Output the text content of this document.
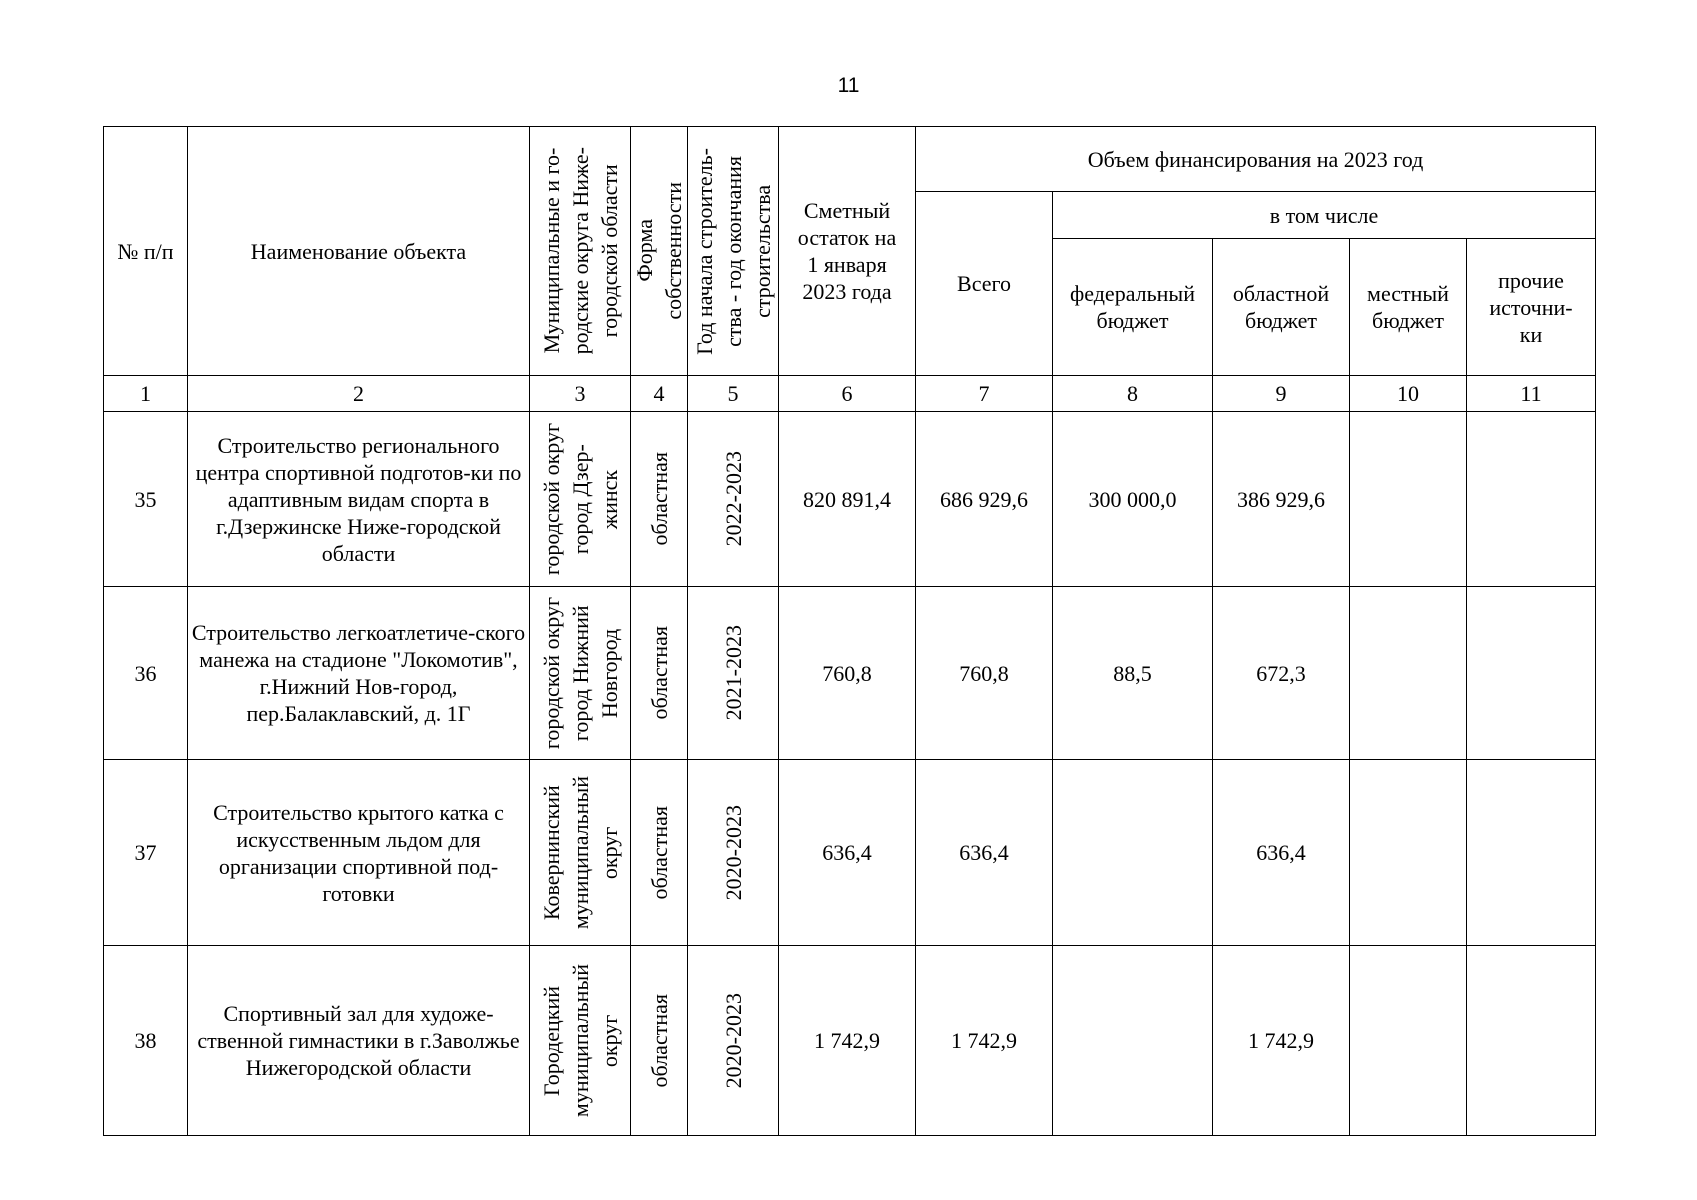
11
№ п/п	Наименование объекта	Муниципальные и го-
родские округа Ниже-
городской области	Форма
собственности	Год начала строитель-
ства - год окончания
строительства	Сметный
остаток на
1 января
2023 года	Объем финансирования на 2023 год				
						Всего	в том числе			
							федеральный
бюджет	областной
бюджет	местный
бюджет	прочие
источни-
ки
1	2	3	4	5	6	7	8	9	10	11
35	Строительство регионального центра спортивной подготов-ки по адаптивным видам спорта в г.Дзержинске Ниже-городской области	городской округ
город Дзер-
жинск	областная	2022-2023	820 891,4	686 929,6	300 000,0	386 929,6		
36	Строительство легкоатлетиче-ского манежа на стадионе "Локомотив", г.Нижний Нов-город, пер.Балаклавский, д. 1Г	городской округ
город Нижний
Новгород	областная	2021-2023	760,8	760,8	88,5	672,3		
37	Строительство крытого катка с искусственным льдом для организации спортивной под-готовки	Ковернинский
муниципальный
округ	областная	2020-2023	636,4	636,4		636,4		
38	Спортивный зал для художе-ственной гимнастики в г.Заволжье Нижегородской области	Городецкий
муниципальный
округ	областная	2020-2023	1 742,9	1 742,9		1 742,9		
